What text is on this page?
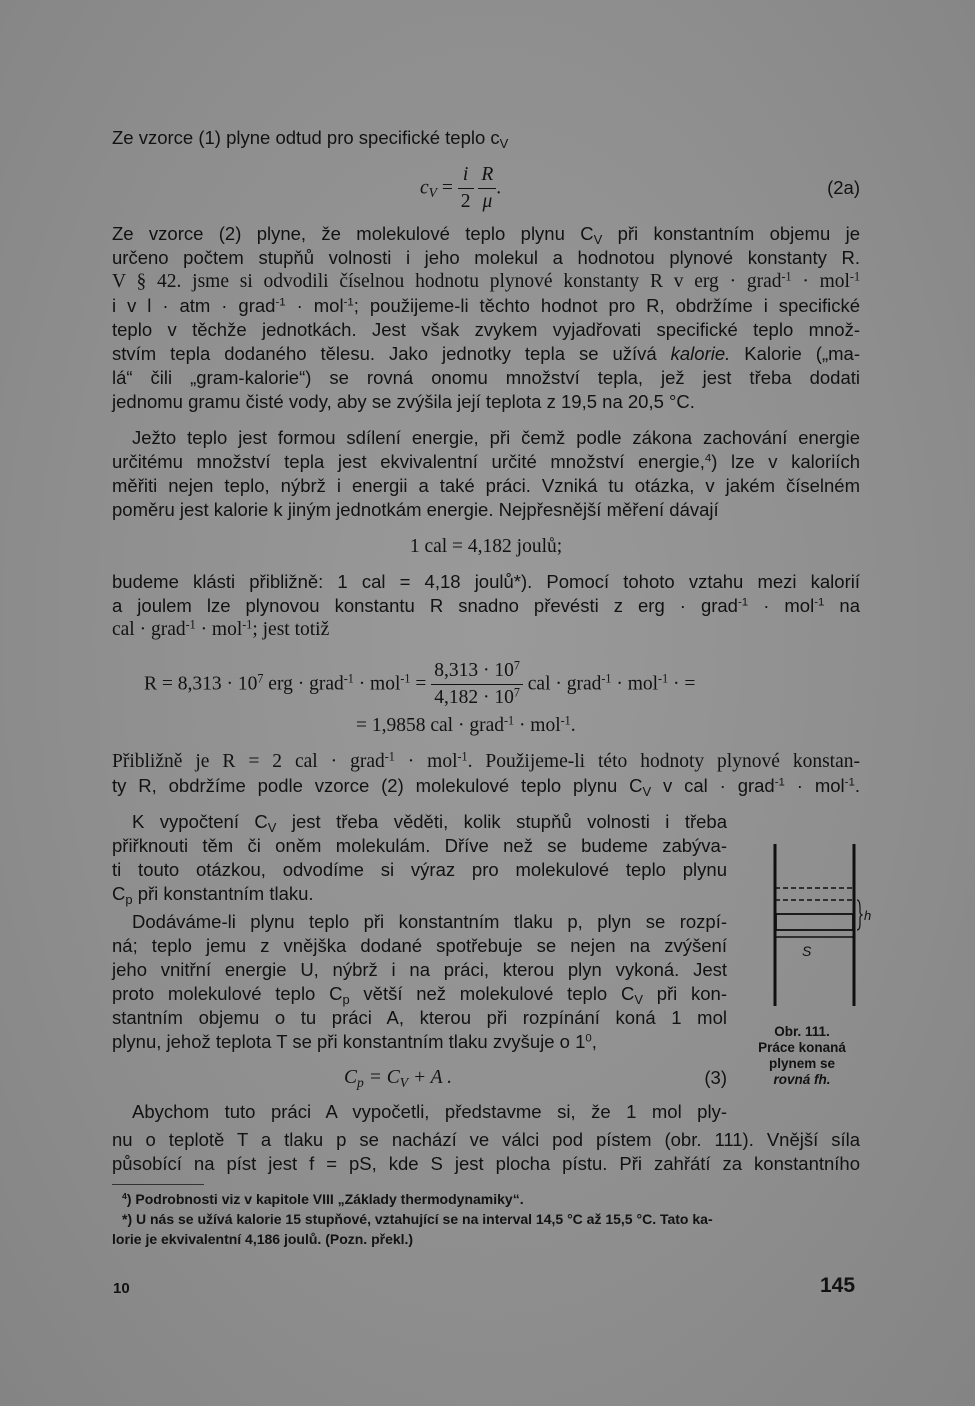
Ze vzorce (1) plyne odtud pro specifické teplo $c_V$
$c_V = \frac{i}{2}$
$\frac{R}{\mu}$ .	(2a)
Ze vzorce (2) plyne, že molekulové teplo plynu $C_V$ při konstantním objemu je
určeno počtem stupňů volnosti i jeho molekul a hodnotou plynové konstanty R.
V § 42. jsme si odvodili číselnou hodnotu plynové konstanty R v erg · grad$^{-1}$ · mol$^{-1}$
i v l · atm · grad$^{-1}$ · mol$^{-1}$; použijeme-li těchto hodnot pro R, obdržíme i specifické
teplo v těchže jednotkách. Jest však zvykem vyjadřovati specifické teplo množ-
stvím tepla dodaného tělesu. Jako jednotky tepla se užívá kalorie. Kalorie („ma-
lá“ čili „gram-kalorie“) se rovná onomu množství tepla, jež jest třeba dodati
jednomu gramu čisté vody, aby se zvýšila její teplota z 19,5 na 20,5 °C.
Ježto teplo jest formou sdílení energie, při čemž podle zákona zachování energie
určitému množství tepla jest ekvivalentní určité množství energie,$^4$) lze v kaloriích
měřiti nejen teplo, nýbrž i energii a také práci. Vzniká tu otázka, v jakém číselném
poměru jest kalorie k jiným jednotkám energie. Nejpřesnější měření dávají
1 cal = 4,182 joulů;
budeme klásti přibližně: 1 cal = 4,18 joulů*). Pomocí tohoto vztahu mezi kalorií
a joulem lze plynovou konstantu R snadno převésti z erg · grad$^{-1}$ · mol$^{-1}$ na
cal · grad$^{-1}$ · mol$^{-1}$; jest totiž
$R = 8,313 \cdot 10^7$ erg · grad$^{-1}$ · $mol^{-1} = \frac{8,313 \cdot 10^7}{4,182 \cdot 10^7}$ cal · grad$^{-1}$ · mol$^{-1}$ · =
= 1,9858 cal · grad$^{-1}$ · mol$^{-1}$.
Přibližně je R = 2 cal · grad$^{-1}$ · mol$^{-1}$. Použijeme-li této hodnoty plynové konstan-
ty R, obdržíme podle vzorce (2) molekulové teplo plynu $C_V$ v cal · grad$^{-1}$ · mol$^{-1}$.
K vypočtení $C_V$ jest třeba věděti, kolik stupňů volnosti i třeba
přiřknouti těm či oněm molekulám. Dříve než se budeme zabýva-
ti touto otázkou, odvodíme si výraz pro molekulové teplo plynu
$C_p$ při konstantním tlaku.
Dodáváme-li plynu teplo při konstantním tlaku p, plyn se rozpí-
ná; teplo jemu z vnějška dodané spotřebuje se nejen na zvýšení
jeho vnitřní energie U, nýbrž i na práci, kterou plyn vykoná. Jest
proto molekulové teplo $C_p$ větší než molekulové teplo $C_V$ při kon-
stantním objemu o tu práci A, kterou při rozpínání koná 1 mol
plynu, jehož teplota T se při konstantním tlaku zvyšuje o $1^0$,
$C_p = C_V + A$ .	(3)
Abychom tuto práci A vypočetli, představme si, že 1 mol ply-
nu o teplotě T a tlaku p se nachází ve válci pod pístem (obr. 111). Vnější síla
působící na píst jest f = pS, kde S jest plocha pístu. Při zahřátí za konstantního
S
h
Obr. 111.
Práce konaná
plynem se
rovná fh.
$^4$) Podrobnosti viz v kapitole VIII „Základy thermodynamiky“.
*) U nás se užívá kalorie 15 stupňové, vztahující se na interval 14,5 °C až 15,5 °C. Tato ka-
lorie je ekvivalentní 4,186 joulů. (Pozn. překl.)
10	145
